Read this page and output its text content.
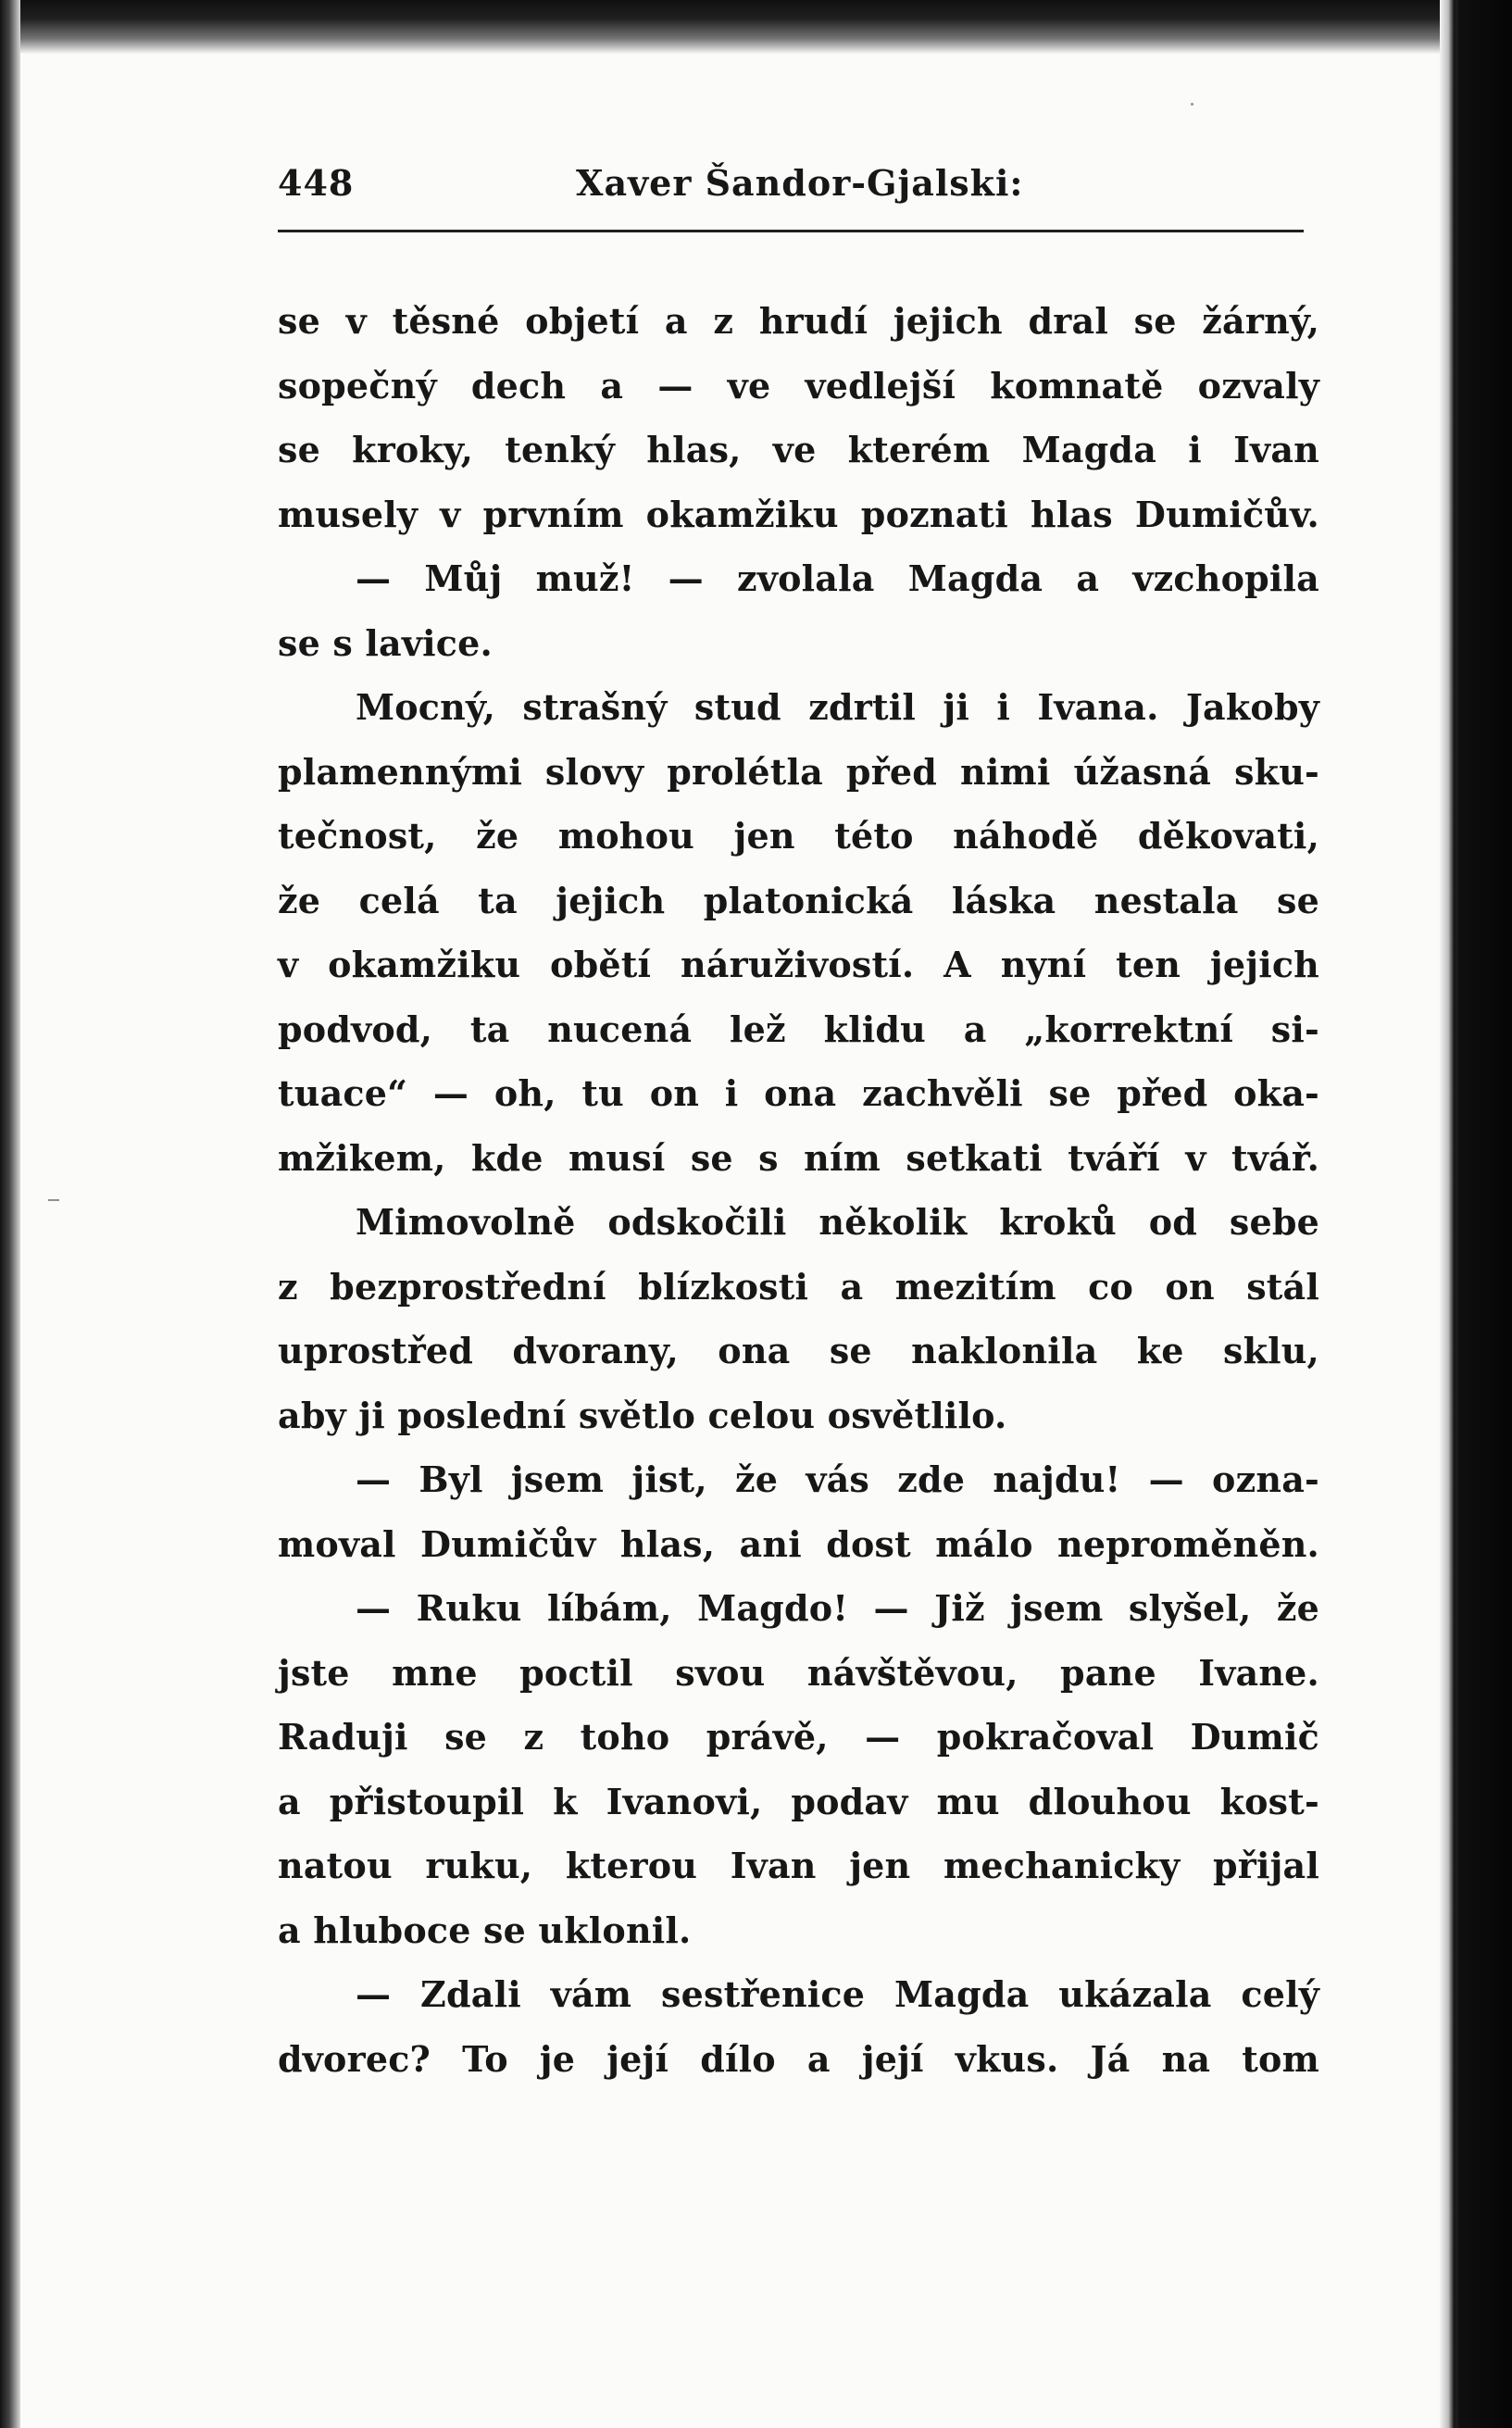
448	Xaver Šandor-Gjalski:
se v těsné objetí a z hrudí jejich dral se žárný,
sopečný dech a — ve vedlejší komnatě ozvaly
se kroky, tenký hlas, ve kterém Magda i Ivan
musely v prvním okamžiku poznati hlas Dumičův.
— Můj muž! — zvolala Magda a vzchopila
se s lavice.
Mocný, strašný stud zdrtil ji i Ivana. Jakoby
plamennými slovy prolétla před nimi úžasná sku-
tečnost, že mohou jen této náhodě děkovati,
že celá ta jejich platonická láska nestala se
v okamžiku obětí náruživostí. A nyní ten jejich
podvod, ta nucená lež klidu a „korrektní si-
tuace“ — oh, tu on i ona zachvěli se před oka-
mžikem, kde musí se s ním setkati tváří v tvář.
Mimovolně odskočili několik kroků od sebe
z bezprostřední blízkosti a mezitím co on stál
uprostřed dvorany, ona se naklonila ke sklu,
aby ji poslední světlo celou osvětlilo.
— Byl jsem jist, že vás zde najdu! — ozna-
moval Dumičův hlas, ani dost málo neproměněn.
— Ruku líbám, Magdo! — Již jsem slyšel, že
jste mne poctil svou návštěvou, pane Ivane.
Raduji se z toho právě, — pokračoval Dumič
a přistoupil k Ivanovi, podav mu dlouhou kost-
natou ruku, kterou Ivan jen mechanicky přijal
a hluboce se uklonil.
— Zdali vám sestřenice Magda ukázala celý
dvorec? To je její dílo a její vkus. Já na tom
